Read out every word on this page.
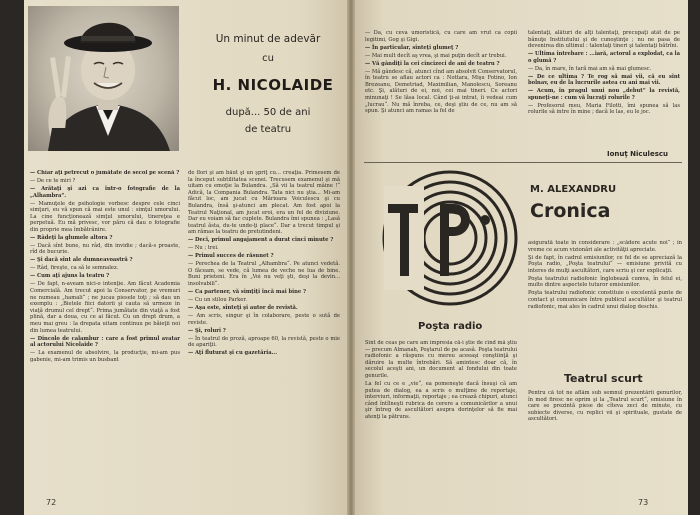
Un minut de adevăr
cu
H. NICOLAIDE
după... 50 de ani
de teatru

— Chiar aţi petrecut o jumătate de secol pe scenă ?

— De ce te miri ?

— Arătaţi şi azi ca într-o fotografie de la „Alhambra“.

— Mamuţele de psihologie vorbesc despre cele cinci simţuri, eu vă spun că mai este unul : simţul umorului. La cine funcţionează simţul umorului, tinereţea e perpetuă. Eu mă privesc, vor păru că dau o fotografie din proprie mea îmbătrânire.

— Râdeţi la glumele altora ?

— Dacă sînt bune, nu râd, din invidie ; dacă-s proaste, rîd de bucurie.

— Şi dacă sînt ale dumneavoastră ?

— Râd, fireşte, ca să le semnalez.

— Cum aţi ajuns la teatru ?

— De fapt, n-aveam nici-o intenţie. Am făcut Academia Comercială. Am trecut apoi la Conservator, pe vremuri ne numeau „hamali“ ; ne jucau piesele toţi ; să dau un exemplu : „Bietele fiici datorii şi cauta să urmeze in viaţă drumul cel drept“. Prima jumătate din viaţă a fost plină, dar a doua, cu ce ai făcut. Cu un drept drum, a meu mai greu : la drepata uitam continuu pe băieţii noi din lumea teatrului.

— Dincolo de calambur : care a fost primul avatar al actorului Nicolaide ?

— La examenul de absolvire, la producţie, mi-am pus gabenie, mi-am trimis un busbant

de flori şi am băut şi un şpriţ cu... creaţia. Primesem de la început subtilitatea scenei. Trecusem examenul şi mă uitam cu emoţie la Bulandra. „Să vii la teatrul mâine !“ Adică, la Compania Bulandra. Tata nici nu ştia... Mi-am făcut loc, am jucat cu Mărioara Voiculescu şi cu Bulandra, însă şi-atunci am plecat. Am fost apoi la Teatrul Naţional, am jucat eroi, era un fel de diviziune. Dar eu voiam să fac cuplete. Bulandra îmi spunea : „Lasă teatrul ăsta, du-te unde-ţi place“. Dar a trecut timpul şi am rămas la teatru de pretutindeni.

— Deci, primul angajament a durat cinci minute ?

— Nu ; trei.

— Primul succes de răsunet ?

— Perechea de la Teatrul „Alhambra“. Pe atunci vedetă. O făceam, se vede, că lumea de veche ne lua de bine. Buni prieteni. Era în „Voi nu veţi şti, deşi la devin... insolvabili“.

— Ca partener, vă simţiţi încă mai bine ?

— Cu un stilou Parker.

— Aşa este, sînteţi şi autor de revistă.

— Am scris, singur şi în colaborare, peste o sută de reviste.

— Şi, roluri ?

— În teatrul de proză, aproape 60, la revistă, peste o mie de apariţii.

— Aţi fluturat şi cu gazetăria...

72

— Da, cu ceva umoristică, cu care am vrut ca copii legitimi, Gog şi Gigi.

— În particular, sînteţi glumeţ ?

— Mai mult decît aş vrea, şi mai puţin decît ar trebui.

— Vă gândiţi la cei cincizeci de ani de teatru ?

— Mă gândesc că, atunci cînd am absolvit Conservatorul, în teatru se aflau actori ca : Nottara, Mişu Fotino, Ion Brezeanu, Demetriad, Maximilian, Manolescu, Soreanu etc. Şi, alături de ei, noi, cei mai tineri. Ce actori minunaţi ! Se lăsa local. Când ţi-ai intrat, îi vedeai cum „lucrau“. Nu mă înreba, ce, deşi ştiu de ce, nu am să spun. Şi atunci am ramas la fel de

talentaţi, alături de alţi talentaţi, precupaţi atât de pe bănuţe Institutului şi de cunoştinţe ; nu ne pasa de devenirea din ultimul : talentaţi tineri şi talentaţi bătrîni.

— Ultima întrebare : ...iară, actorul a explodat, ca la o glumă ?

— Da, în mare, în tară mai am să mai glumesc.

— De ce ultima ? Te rog să mai vii, că eu sînt bolnav, eu de la lucrurile astea cu ani mai vii.

— Acum, în pragul unui nou „debut“ la revistă, spuneţi-ne : cum vă lucraţi rolurile ?

— Profesorul meu, Maria Filotti, îmi spunea să las rolurile să intre în mine ; dacă le las, eu le joc.

Ionuţ Niculescu
Poşta radio
M. ALEXANDRU
Cronica

Sînt de ceas pe care am impresia că-i ştie de cînd mă ştiu — precum Almanah, Poştarul de pe acasă. Poşta teatrului radiofonic a răspuns cu mereu aceeaşi conştiinţă şi dăruire la multe întrebări. Să amintesc doar că, în secolul aceşti ani, un document al fondului din toate genurile.

La fel cu ce e „vie“, ea pomeneşte dacă însuşi că am putea de dialog, ea a scris o mulţime de reportaje, interviuri, informaţii, reportaje ; ea crează chipuri, atunci când întîlneşti rubrica de cerere a comunicărilor a unui şir întreg de ascultători asupra dorinţelor să fie mai atenţi la pătruns.

asigurată toate în considerare : „scădere acute noi“ ; în vreme ce acum vizionări ale activităţii apreciate.

Şi de fapt, în cadrul emisiunilor, ce fel de se apreciază la Poşta radio, „Poşta teatrului“ — emisiune privită cu interes de mulţi ascultători, care scriu şi cer explicaţii.

Poşta teatrului radiofonic înglobează cumva, în felul ei, multe dintre aspectele tuturor emisiunilor.

Poşta teatrului radiofonic constituie o excelentă punte de contact şi comunicare între publicul ascultător şi teatrul radiofonic, mai ales în cadrul unui dialog deschis.

Teatrul scurt

Pentru că tot ne aflăm sub semnul prezentării genurilor, în mod firesc ne oprim şi la „Teatrul scurt“, emisiune în care se prezintă piese de cîteva zeci de minute, cu subiecte diverse, cu replici vii şi spirituale, gustate de ascultători.

73
